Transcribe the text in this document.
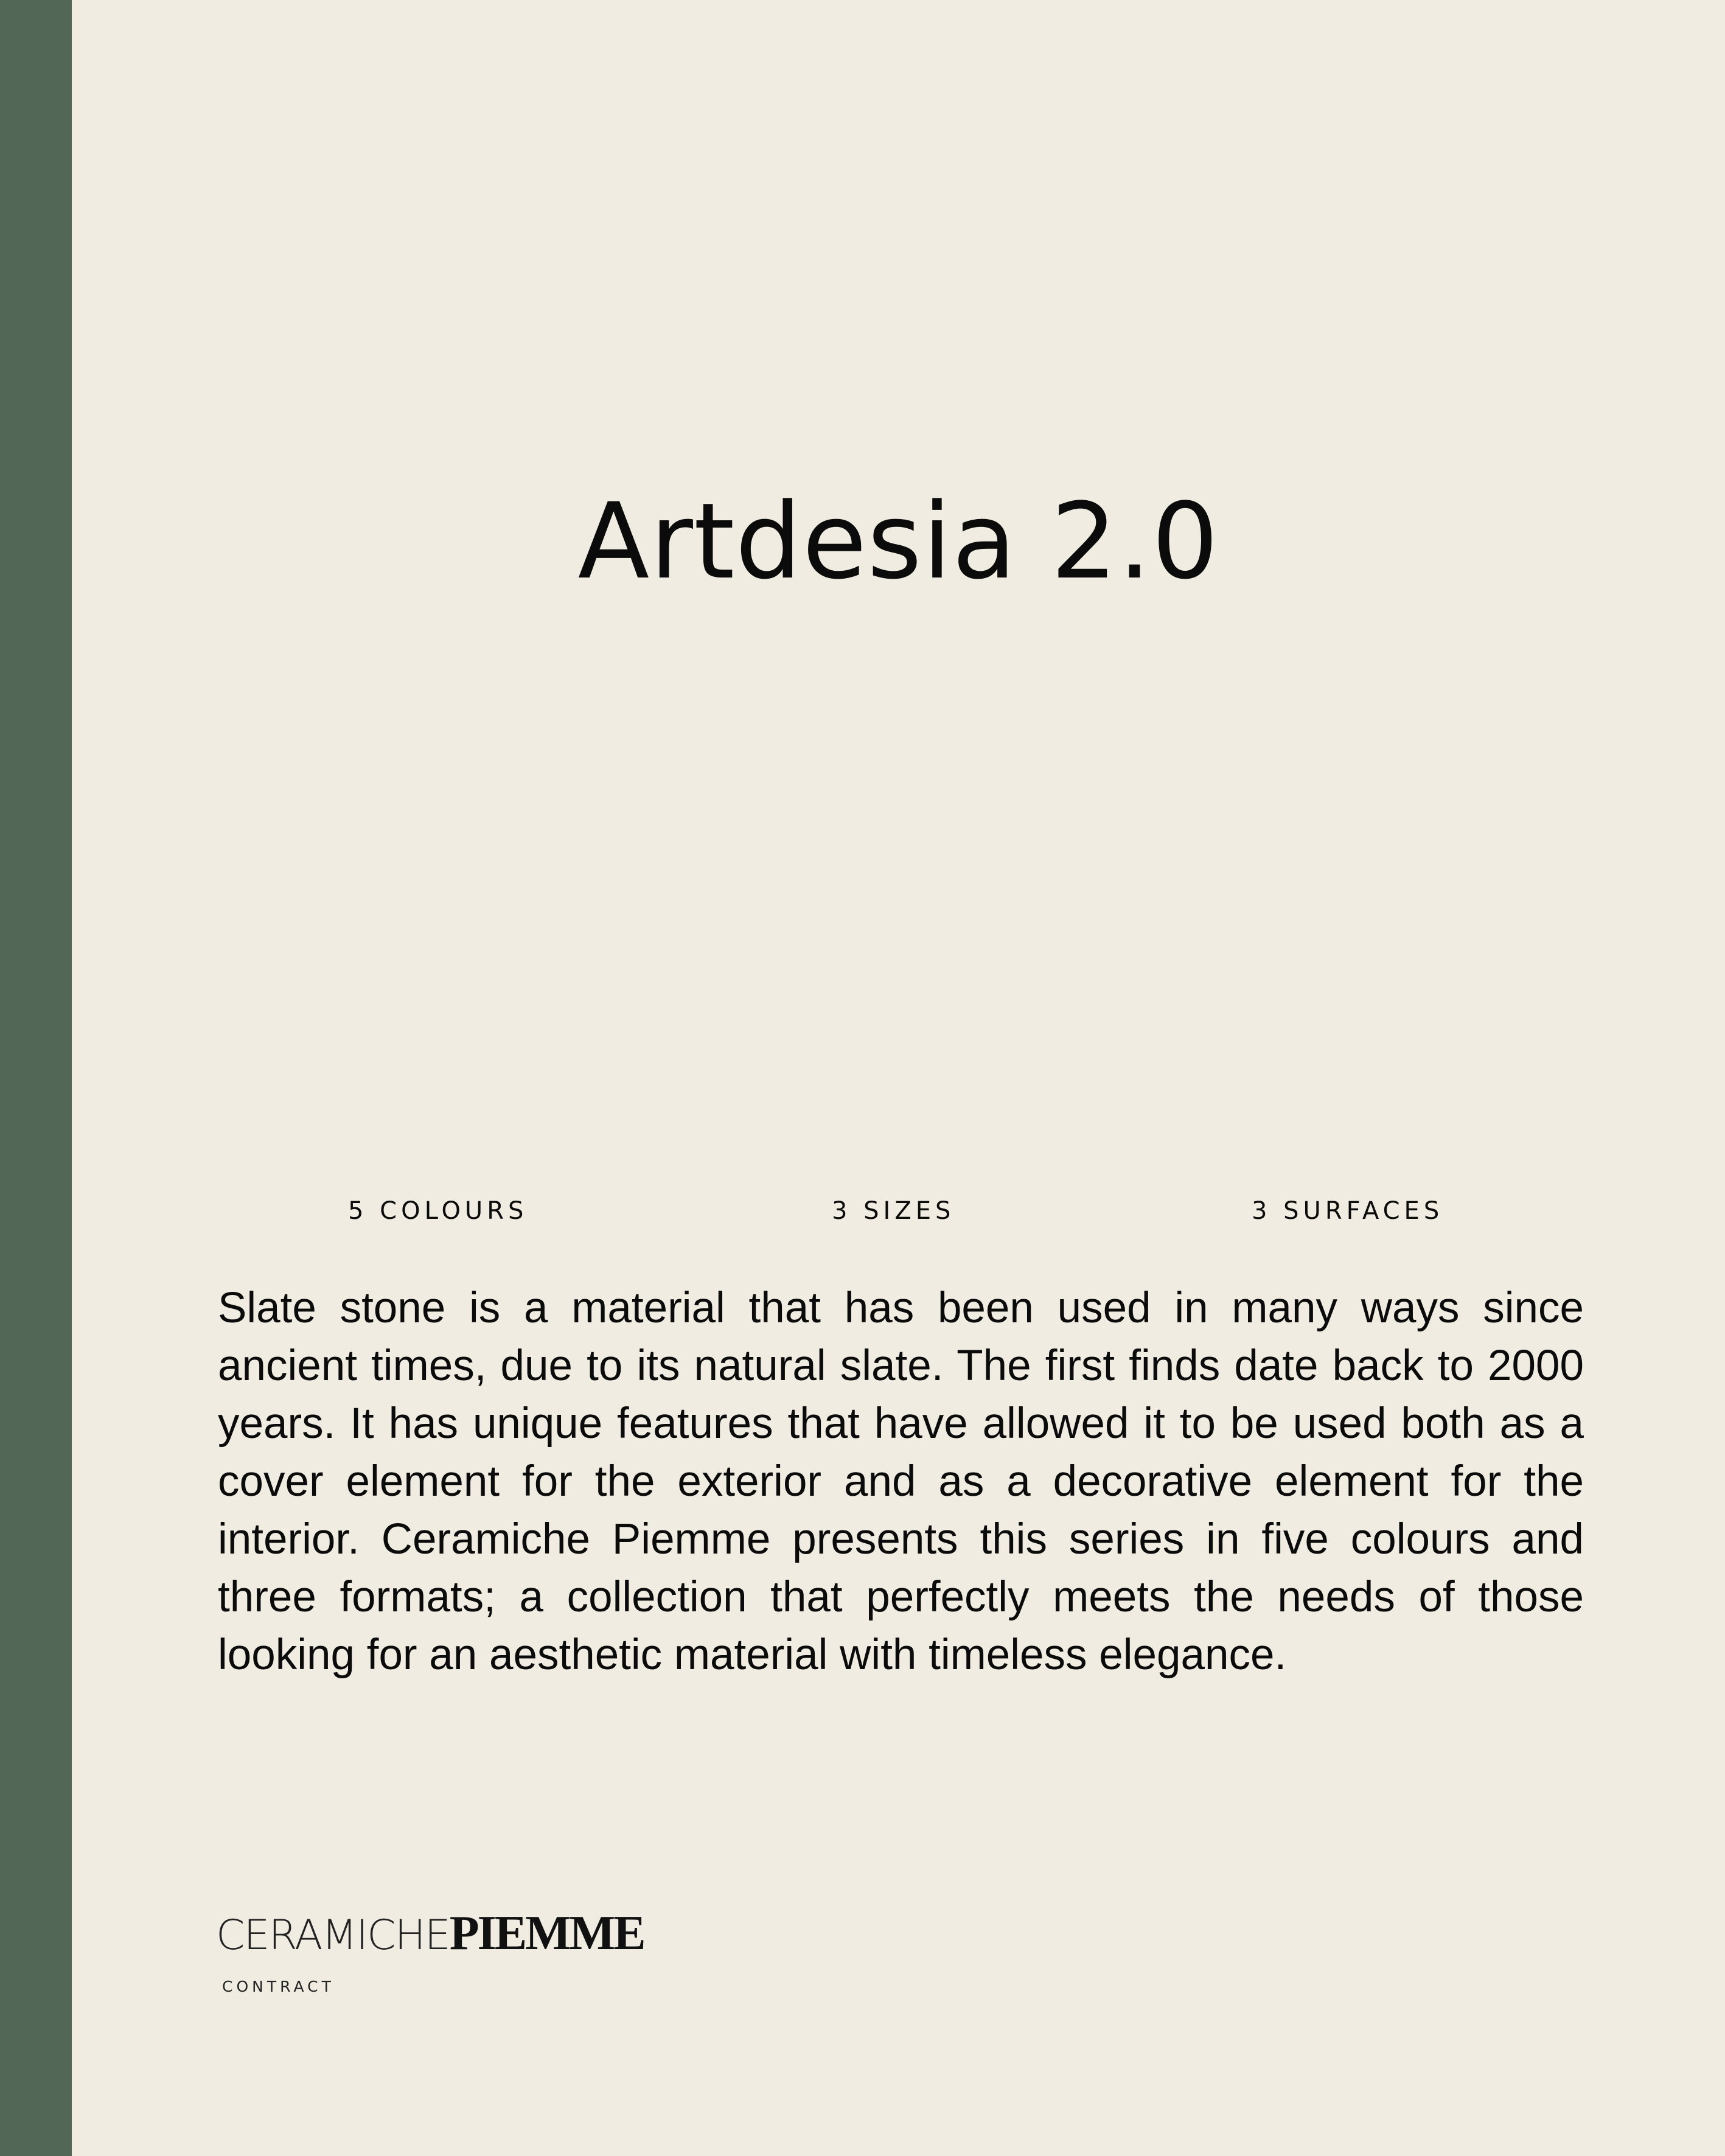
Artdesia 2.0
5 COLOURS	3 SIZES	3 SURFACES

Slate stone is a material that has been used in many ways since ancient times, due to its natural slate. The first finds date back to 2000 years. It has unique features that have allowed it to be used both as a cover element for the exterior and as a decorative element for the interior. Ceramiche Piemme presents this series in five colours and three formats; a collection that perfectly meets the needs of those looking for an aesthetic material with timeless elegance.

CERAMICHEPIEMME
CONTRACT
